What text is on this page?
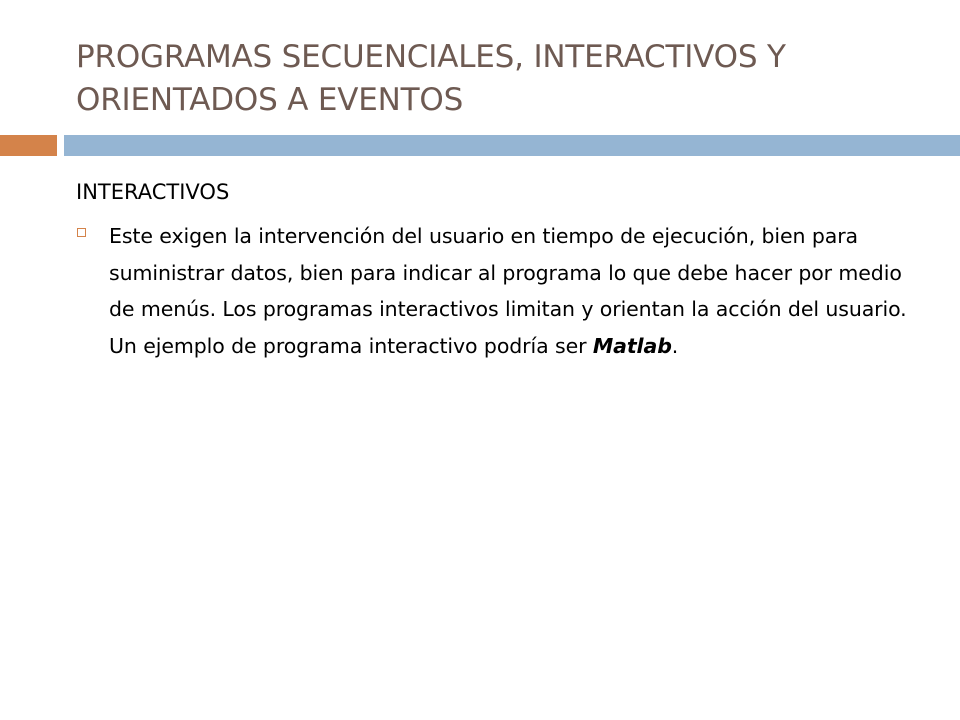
PROGRAMAS SECUENCIALES, INTERACTIVOS Y ORIENTADOS A EVENTOS
INTERACTIVOS
Este exigen la intervención del usuario en tiempo de ejecución, bien para suministrar datos, bien para indicar al programa lo que debe hacer por medio de menús. Los programas interactivos limitan y orientan la acción del usuario. Un ejemplo de programa interactivo podría ser Matlab.
